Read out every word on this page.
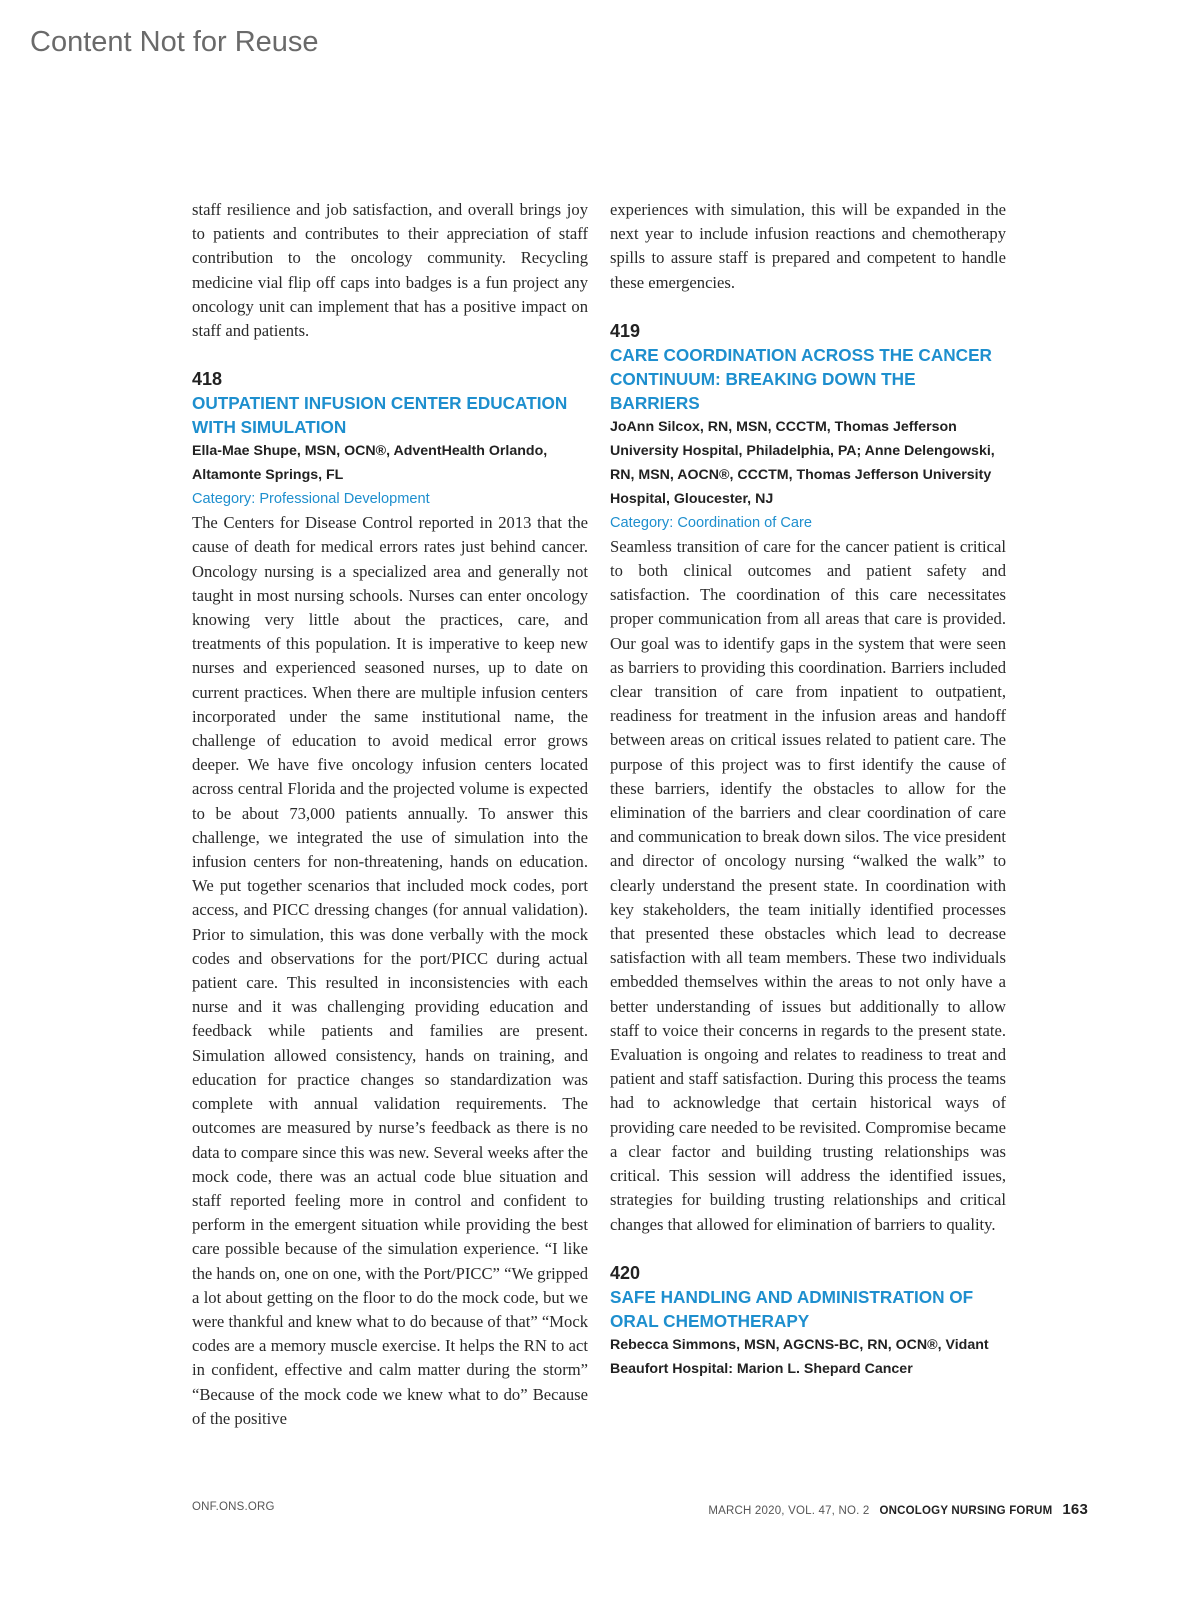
Content Not for Reuse

staff resilience and job satisfaction, and overall brings joy to patients and contributes to their appreciation of staff contribution to the oncology community. Recycling medicine vial flip off caps into badges is a fun project any oncology unit can implement that has a positive impact on staff and patients.

418
OUTPATIENT INFUSION CENTER EDUCATION WITH SIMULATION
Ella-Mae Shupe, MSN, OCN®, AdventHealth Orlando, Altamonte Springs, FL
Category: Professional Development

The Centers for Disease Control reported in 2013 that the cause of death for medical errors rates just behind cancer. Oncology nursing is a specialized area and generally not taught in most nursing schools. Nurses can enter oncology knowing very little about the practices, care, and treatments of this population. It is imperative to keep new nurses and experienced seasoned nurses, up to date on current practices. When there are multiple infusion centers incorporated under the same institutional name, the challenge of education to avoid medical error grows deeper. We have five oncology infusion centers located across central Florida and the projected volume is expected to be about 73,000 patients annually. To answer this challenge, we integrated the use of simulation into the infusion centers for non-threatening, hands on education. We put together scenarios that included mock codes, port access, and PICC dressing changes (for annual validation). Prior to simulation, this was done verbally with the mock codes and observations for the port/PICC during actual patient care. This resulted in inconsistencies with each nurse and it was challenging providing education and feedback while patients and families are present. Simulation allowed consistency, hands on training, and education for practice changes so standardization was complete with annual validation requirements. The outcomes are measured by nurse’s feedback as there is no data to compare since this was new. Several weeks after the mock code, there was an actual code blue situation and staff reported feeling more in control and confident to perform in the emergent situation while providing the best care possible because of the simulation experience. “I like the hands on, one on one, with the Port/PICC” “We gripped a lot about getting on the floor to do the mock code, but we were thankful and knew what to do because of that” “Mock codes are a memory muscle exercise. It helps the RN to act in confident, effective and calm matter during the storm” “Because of the mock code we knew what to do” Because of the positive

experiences with simulation, this will be expanded in the next year to include infusion reactions and chemotherapy spills to assure staff is prepared and competent to handle these emergencies.

419
CARE COORDINATION ACROSS THE CANCER CONTINUUM: BREAKING DOWN THE BARRIERS
JoAnn Silcox, RN, MSN, CCCTM, Thomas Jefferson University Hospital, Philadelphia, PA; Anne Delengowski, RN, MSN, AOCN®, CCCTM, Thomas Jefferson University Hospital, Gloucester, NJ
Category: Coordination of Care

Seamless transition of care for the cancer patient is critical to both clinical outcomes and patient safety and satisfaction. The coordination of this care necessitates proper communication from all areas that care is provided. Our goal was to identify gaps in the system that were seen as barriers to providing this coordination. Barriers included clear transition of care from inpatient to outpatient, readiness for treatment in the infusion areas and handoff between areas on critical issues related to patient care. The purpose of this project was to first identify the cause of these barriers, identify the obstacles to allow for the elimination of the barriers and clear coordination of care and communication to break down silos. The vice president and director of oncology nursing “walked the walk” to clearly understand the present state. In coordination with key stakeholders, the team initially identified processes that presented these obstacles which lead to decrease satisfaction with all team members. These two individuals embedded themselves within the areas to not only have a better understanding of issues but additionally to allow staff to voice their concerns in regards to the present state. Evaluation is ongoing and relates to readiness to treat and patient and staff satisfaction. During this process the teams had to acknowledge that certain historical ways of providing care needed to be revisited. Compromise became a clear factor and building trusting relationships was critical. This session will address the identified issues, strategies for building trusting relationships and critical changes that allowed for elimination of barriers to quality.

420
SAFE HANDLING AND ADMINISTRATION OF ORAL CHEMOTHERAPY
Rebecca Simmons, MSN, AGCNS-BC, RN, OCN®, Vidant Beaufort Hospital: Marion L. Shepard Cancer
ONF.ONS.ORG	MARCH 2020, VOL. 47, NO. 2 ONCOLOGY NURSING FORUM 163
